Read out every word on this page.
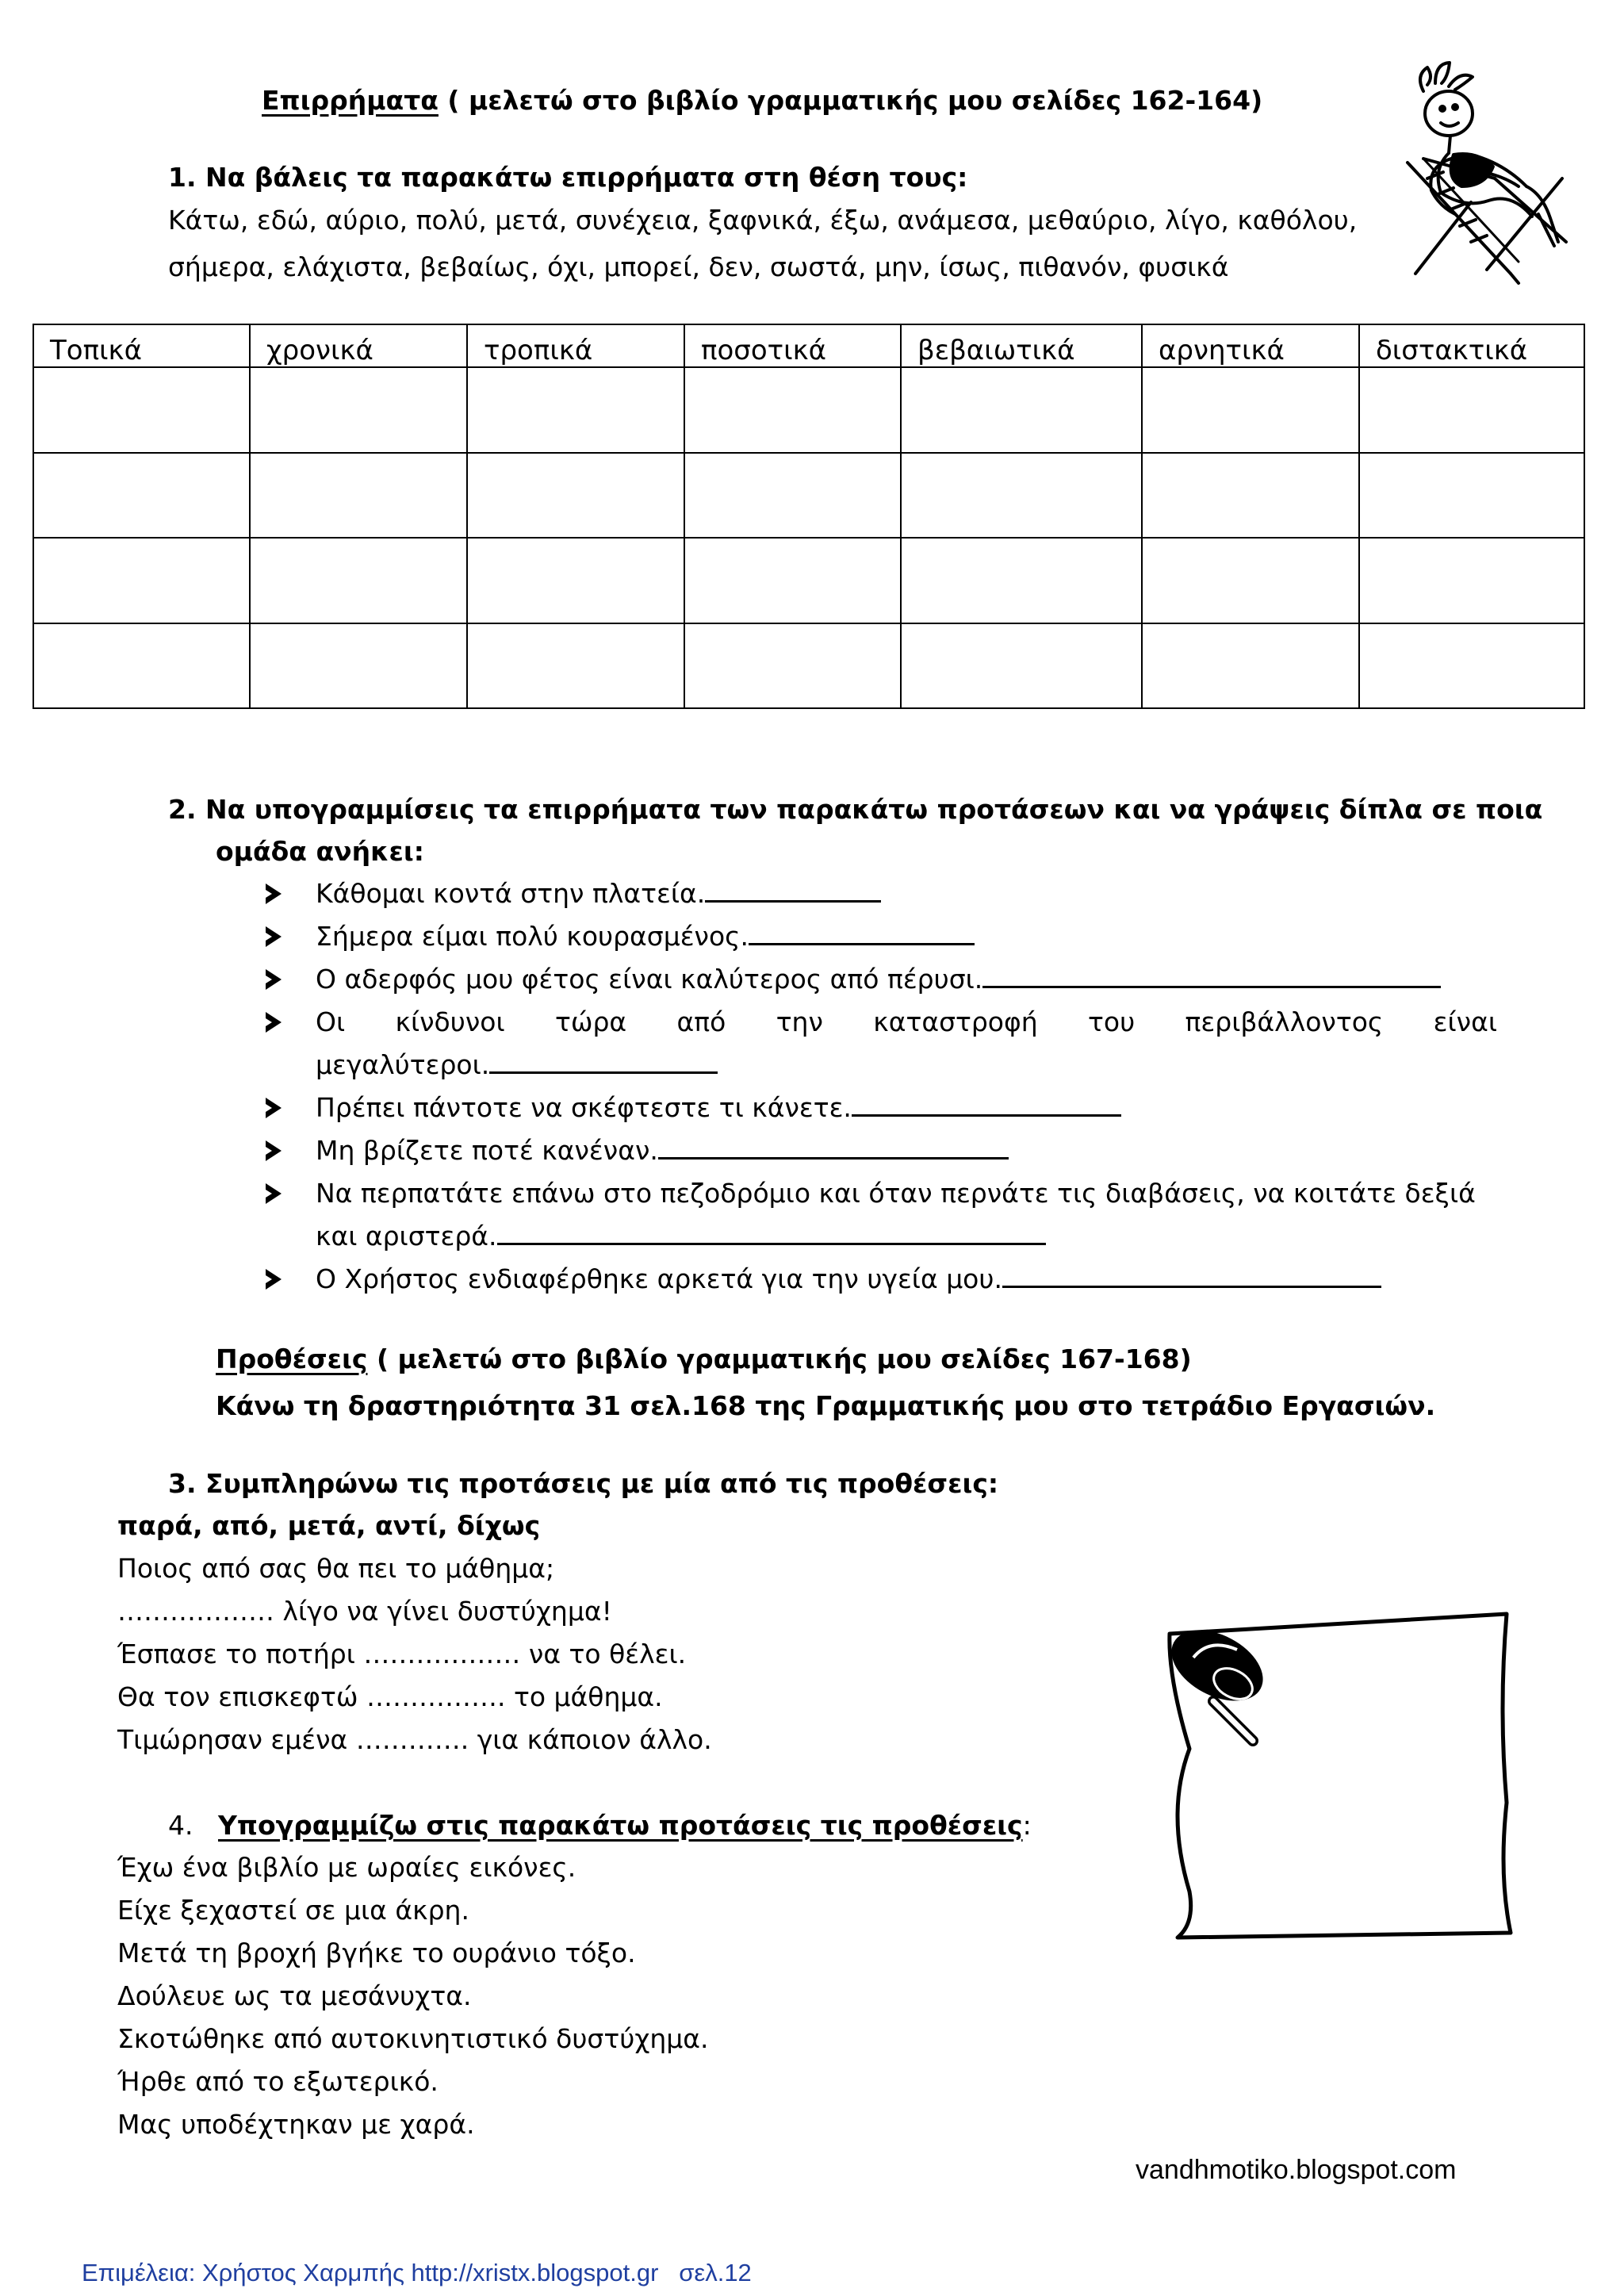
Επιρρήματα ( μελετώ στο βιβλίο γραμματικής μου σελίδες 162-164)
1. Να βάλεις τα παρακάτω επιρρήματα στη θέση τους:
Κάτω, εδώ, αύριο, πολύ, μετά, συνέχεια, ξαφνικά, έξω, ανάμεσα, μεθαύριο, λίγο, καθόλου,
σήμερα, ελάχιστα, βεβαίως, όχι, μπορεί, δεν, σωστά, μην, ίσως, πιθανόν, φυσικά
Τοπικά	χρονικά	τροπικά	ποσοτικά	βεβαιωτικά	αρνητικά	διστακτικά

2. Να υπογραμμίσεις τα επιρρήματα των παρακάτω προτάσεων και να γράψεις δίπλα σε ποια
ομάδα ανήκει:
Κάθομαι κοντά στην πλατεία.
Σήμερα είμαι πολύ κουρασμένος.
Ο αδερφός μου φέτος είναι καλύτερος από πέρυσι.
Οι κίνδυνοι τώρα από την καταστροφή του περιβάλλοντος είναι
μεγαλύτεροι.
Πρέπει πάντοτε να σκέφτεστε τι κάνετε.
Μη βρίζετε ποτέ κανέναν.
Να περπατάτε επάνω στο πεζοδρόμιο και όταν περνάτε τις διαβάσεις, να κοιτάτε δεξιά
και αριστερά.
Ο Χρήστος ενδιαφέρθηκε αρκετά για την υγεία μου.
Προθέσεις ( μελετώ στο βιβλίο γραμματικής μου σελίδες 167-168)
Κάνω τη δραστηριότητα 31 σελ.168 της Γραμματικής μου στο τετράδιο Εργασιών.
3. Συμπληρώνω τις προτάσεις με μία από τις προθέσεις:
παρά, από, μετά, αντί, δίχως
Ποιος από σας θα πει το μάθημα;
……………… λίγο να γίνει δυστύχημα!
Έσπασε το ποτήρι ……………… να το θέλει.
Θα τον επισκεφτώ ……………. το μάθημα.
Τιμώρησαν εμένα …………. για κάποιον άλλο.
4. Υπογραμμίζω στις παρακάτω προτάσεις τις προθέσεις:
Έχω ένα βιβλίο με ωραίες εικόνες.
Είχε ξεχαστεί σε μια άκρη.
Μετά τη βροχή βγήκε το ουράνιο τόξο.
Δούλευε ως τα μεσάνυχτα.
Σκοτώθηκε από αυτοκινητιστικό δυστύχημα.
Ήρθε από το εξωτερικό.
Μας υποδέχτηκαν με χαρά.
vandhmotiko.blogspot.com
Επιμέλεια: Χρήστος Χαρμπής http://xristx.blogspot.gr   σελ.12
